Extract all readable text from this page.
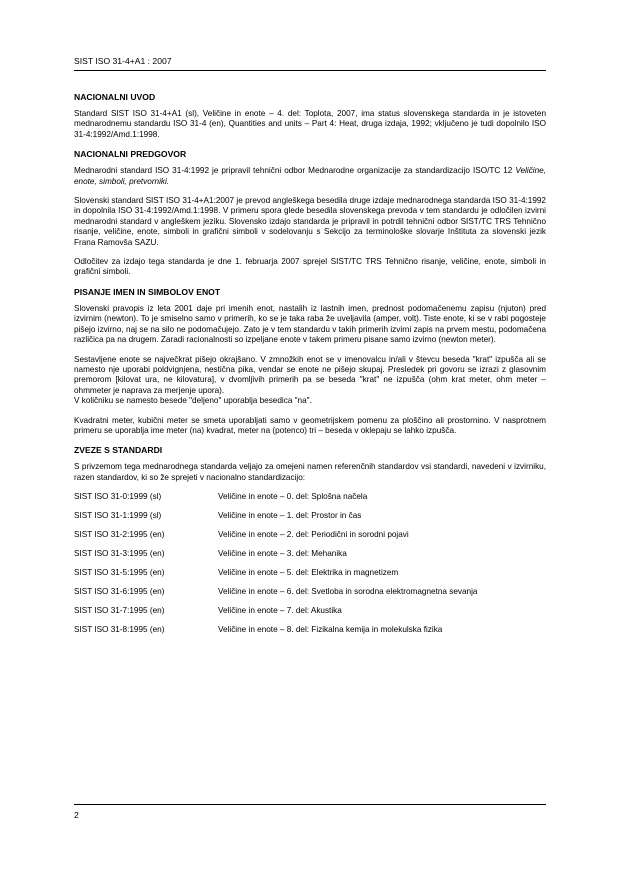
SIST ISO 31-4+A1 : 2007
NACIONALNI UVOD

Standard SIST ISO 31-4+A1 (sl), Veličine in enote – 4. del: Toplota, 2007, ima status slovenskega standarda in je istoveten mednarodnemu standardu ISO 31-4 (en), Quantities and units – Part 4: Heat, druga izdaja, 1992; vključeno je tudi dopolnilo ISO 31-4:1992/Amd.1:1998.

NACIONALNI PREDGOVOR

Mednarodni standard ISO 31-4:1992 je pripravil tehnični odbor Mednarodne organizacije za standardizacijo ISO/TC 12 Veličine, enote, simboli, pretvorniki.

Slovenski standard SIST ISO 31-4+A1:2007 je prevod angleškega besedila druge izdaje mednarodnega standarda ISO 31-4:1992 in dopolnila ISO 31-4:1992/Amd.1:1998. V primeru spora glede besedila slovenskega prevoda v tem standardu je odločilen izvirni mednarodni standard v angleškem jeziku. Slovensko izdajo standarda je pripravil in potrdil tehnični odbor SIST/TC TRS Tehnično risanje, veličine, enote, simboli in grafični simboli v sodelovanju s Sekcijo za terminološke slovarje Inštituta za slovenski jezik Frana Ramovša SAZU.

Odločitev za izdajo tega standarda je dne 1. februarja 2007 sprejel SIST/TC TRS Tehnično risanje, veličine, enote, simboli in grafični simboli.

PISANJE IMEN IN SIMBOLOV ENOT

Slovenski pravopis iz leta 2001 daje pri imenih enot, nastalih iz lastnih imen, prednost podomačenemu zapisu (njuton) pred izvirnim (newton). To je smiselno samo v primerih, ko se je taka raba že uveljavila (amper, volt). Tiste enote, ki se v rabi pogosteje pišejo izvirno, naj se na silo ne podomačujejo. Zato je v tem standardu v takih primerih izvirni zapis na prvem mestu, podomačena različica pa na drugem. Zaradi racionalnosti so izpeljane enote v takem primeru pisane samo izvirno (newton meter).

Sestavljene enote se največkrat pišejo okrajšano. V zmnožkih enot se v imenovalcu in/ali v števcu beseda "krat" izpušča ali se namesto nje uporabi poldvignjena, nestična pika, vendar se enote ne pišejo skupaj. Presledek pri govoru se izrazi z glasovnim premorom [kilovat ura, ne kilovatura], v dvomljivih primerih pa se beseda "krat" ne izpušča (ohm krat meter, ohm meter – ohmmeter je naprava za merjenje upora).

V količniku se namesto besede "deljeno" uporablja besedica "na".

Kvadratni meter, kubični meter se smeta uporabljati samo v geometrijskem pomenu za ploščino ali prostornino. V nasprotnem primeru se uporablja ime meter (na) kvadrat, meter na (potenco) tri – beseda v oklepaju se lahko izpušča.

ZVEZE S STANDARDI

S privzemom tega mednarodnega standarda veljajo za omejeni namen referenčnih standardov vsi standardi, navedeni v izvirniku, razen standardov, ki so že sprejeti v nacionalno standardizacijo:

SIST ISO 31-0:1999 (sl)	Veličine in enote – 0. del: Splošna načela
SIST ISO 31-1:1999 (sl)	Veličine in enote – 1. del: Prostor in čas
SIST ISO 31-2:1995 (en)	Veličine in enote – 2. del: Periodični in sorodni pojavi
SIST ISO 31-3:1995 (en)	Veličine in enote – 3. del: Mehanika
SIST ISO 31-5:1995 (en)	Veličine in enote – 5. del: Elektrika in magnetizem
SIST ISO 31-6:1995 (en)	Veličine in enote – 6. del: Svetloba in sorodna elektromagnetna sevanja
SIST ISO 31-7:1995 (en)	Veličine in enote – 7. del: Akustika
SIST ISO 31-8:1995 (en)	Veličine in enote – 8. del: Fizikalna kemija in molekulska fizika
2
